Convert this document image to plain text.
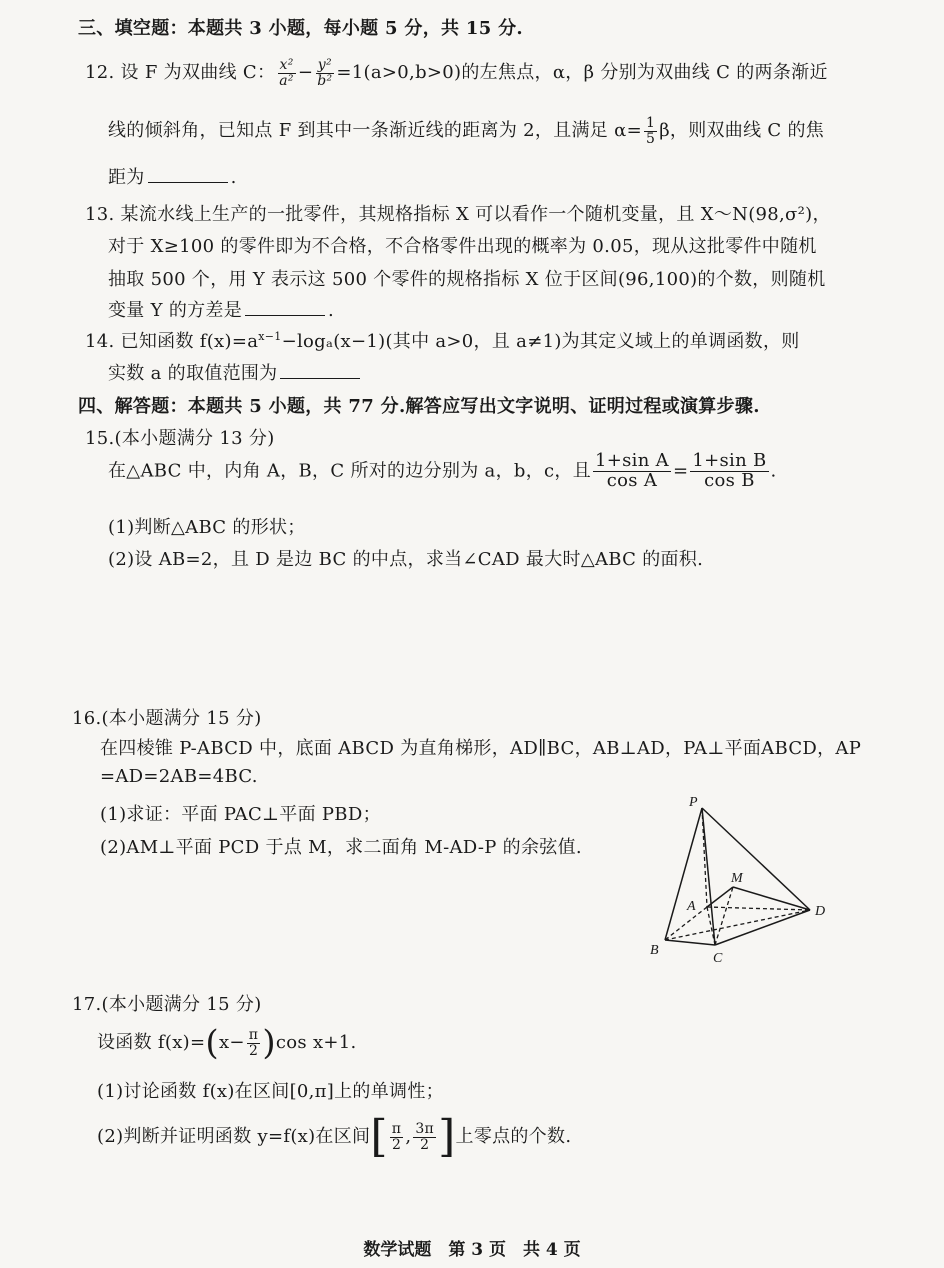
三、填空题：本题共 3 小题，每小题 5 分，共 15 分.
12. 设 F 为双曲线 C： $\frac{\text{x²}}{\text{a²}} - \frac{\text{y²}}{\text{b²}} =1(a>0,b>0)$的左焦点，α，β 分别为双曲线 C 的两条渐近
线的倾斜角，已知点 F 到其中一条渐近线的距离为 2，且满足 $\alpha= \frac{1}{5}$ β，则双曲线 C 的焦
距为	.
13. 某流水线上生产的一批零件，其规格指标 X 可以看作一个随机变量，且 X～N(98,σ²)，
对于 X≥100 的零件即为不合格，不合格零件出现的概率为 0.05，现从这批零件中随机
抽取 500 个，用 Y 表示这 500 个零件的规格指标 X 位于区间(96,100)的个数，则随机
变量 Y 的方差是	.
14. 已知函数 $f(x)=a^{x-1}-\log_a(x-1)$(其中 a>0，且 a≠1)为其定义域上的单调函数，则
实数 a 的取值范围为
四、解答题：本题共 5 小题，共 77 分.解答应写出文字说明、证明过程或演算步骤.
15.(本小题满分 13 分)
在△ABC 中，内角 A，B，C 所对的边分别为 a，b，c，且 $\frac{\text{1+sin A}}{\text{cos A}} = \frac{\text{1+sin B}}{\text{cos B}}$ .
(1)判断△ABC 的形状；
(2)设 AB=2，且 D 是边 BC 的中点，求当∠CAD 最大时△ABC 的面积.
16.(本小题满分 15 分)
在四棱锥 P-ABCD 中，底面 ABCD 为直角梯形，AD∥BC，AB⊥AD，PA⊥平面ABCD，AP
=AD=2AB=4BC.
(1)求证：平面 PAC⊥平面 PBD；
(2)AM⊥平面 PCD 于点 M，求二面角 M-AD-P 的余弦值.
P
M
A
B
C
D
17.(本小题满分 15 分)
设函数 $f(x)=(x- \frac{\pi}{2} )\cos$ x+1.
(1)讨论函数 f(x)在区间[0,π]上的单调性；
(2)判断并证明函数 y=f(x)在区间[ $\frac{\pi}{2}$ , $\frac{3\pi}{2}$ ]上零点的个数.
数学试题　第 3 页　共 4 页
